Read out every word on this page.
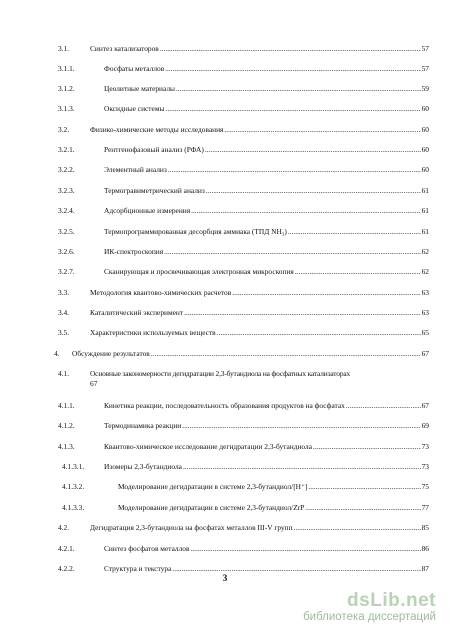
3.1.	Синтез катализаторов .....	57
3.1.1.	Фосфаты металлов .....	57
3.1.2.	Цеолитные материалы .....	59
3.1.3.	Оксидные системы .....	60
3.2.	Физико-химические методы исследования .....	60
3.2.1.	Рентгенофазовый анализ (РФА) .....	60
3.2.2.	Элементный анализ .....	60
3.2.3.	Термогравиметрический анализ .....	61
3.2.4.	Адсорбционные измерения .....	61
3.2.5.	Термопрограммированная десорбция аммиака (ТПД NH₃) .....	61
3.2.6.	ИК-спектроскопия .....	62
3.2.7.	Сканирующая и просвечивающая электронная микроскопия .....	62
3.3.	Методология квантово-химических расчетов .....	63
3.4.	Каталитический эксперимент .....	63
3.5.	Характеристики используемых веществ .....	65
4. Обсуждение результатов .....	67
4.1.	Основные закономерности дегидратации 2,3-бутандиола на фосфатных катализаторах
67
4.1.1.	Кинетика реакции, последовательность образования продуктов на фосфатах .....	67
4.1.2.	Термодинамика реакции .....	69
4.1.3.	Квантово-химическое исследование дегидратации 2,3-бутандиола .....	73
4.1.3.1.	Изомеры 2,3-бутандиола .....	73
4.1.3.2.	Моделирование дегидратации в системе 2,3-бутандиол/[H⁺] .....	75
4.1.3.3.	Моделирование дегидратации в системе 2,3-бутандиол/ZrP .....	77
4.2.	Дегидратация 2,3-бутандиола на фосфатах металлов III-V групп .....	85
4.2.1.	Синтез фосфатов металлов .....	86
4.2.2.	Структура и текстура .....	87
3
dsLib.net
библиотека диссертаций
